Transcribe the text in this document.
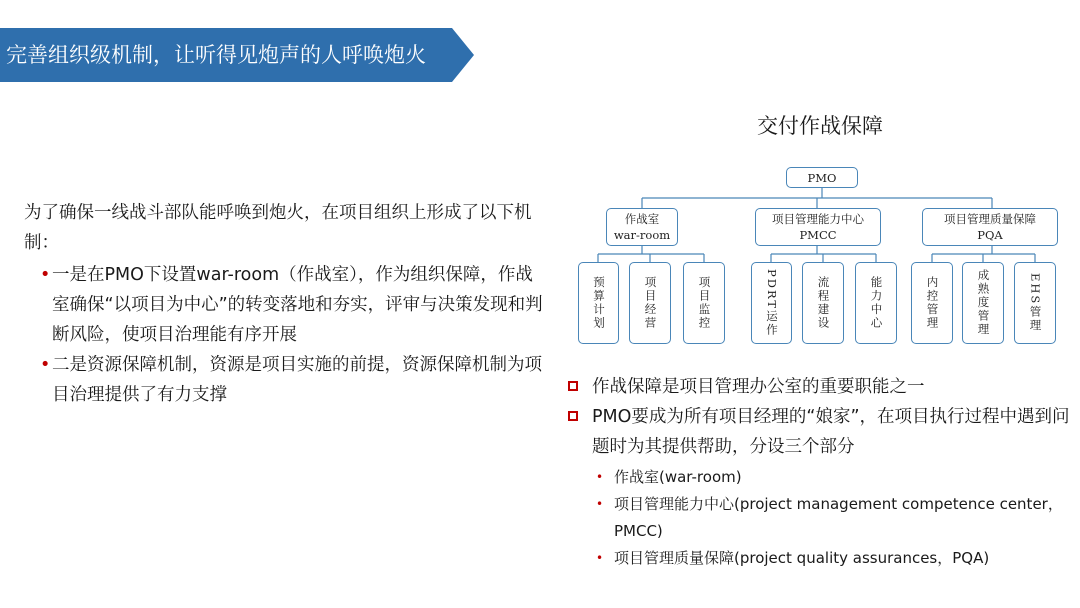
完善组织级机制，让听得见炮声的人呼唤炮火

为了确保一线战斗部队能呼唤到炮火，在项目组织上形成了以下机制：

• 一是在PMO下设置war-room（作战室），作为组织保障，作战室确保“以项目为中心”的转变落地和夯实，评审与决策发现和判断风险，使项目治理能有序开展
• 二是资源保障机制，资源是项目实施的前提，资源保障机制为项目治理提供了有力支撑
交付作战保障
PMO
作战室
war-room
项目管理能力中心
PMCC
项目管理质量保障
PQA
预算计划	项目经营	项目监控	PDRT运作	流程建设	能力中心	内控管理	成熟度管理	EHS管理
作战保障是项目管理办公室的重要职能之一
PMO要成为所有项目经理的“娘家”，在项目执行过程中遇到问题时为其提供帮助，分设三个部分
• 作战室(war-room)
• 项目管理能力中心(project management competence center，PMCC)
• 项目管理质量保障(project quality assurances，PQA)
